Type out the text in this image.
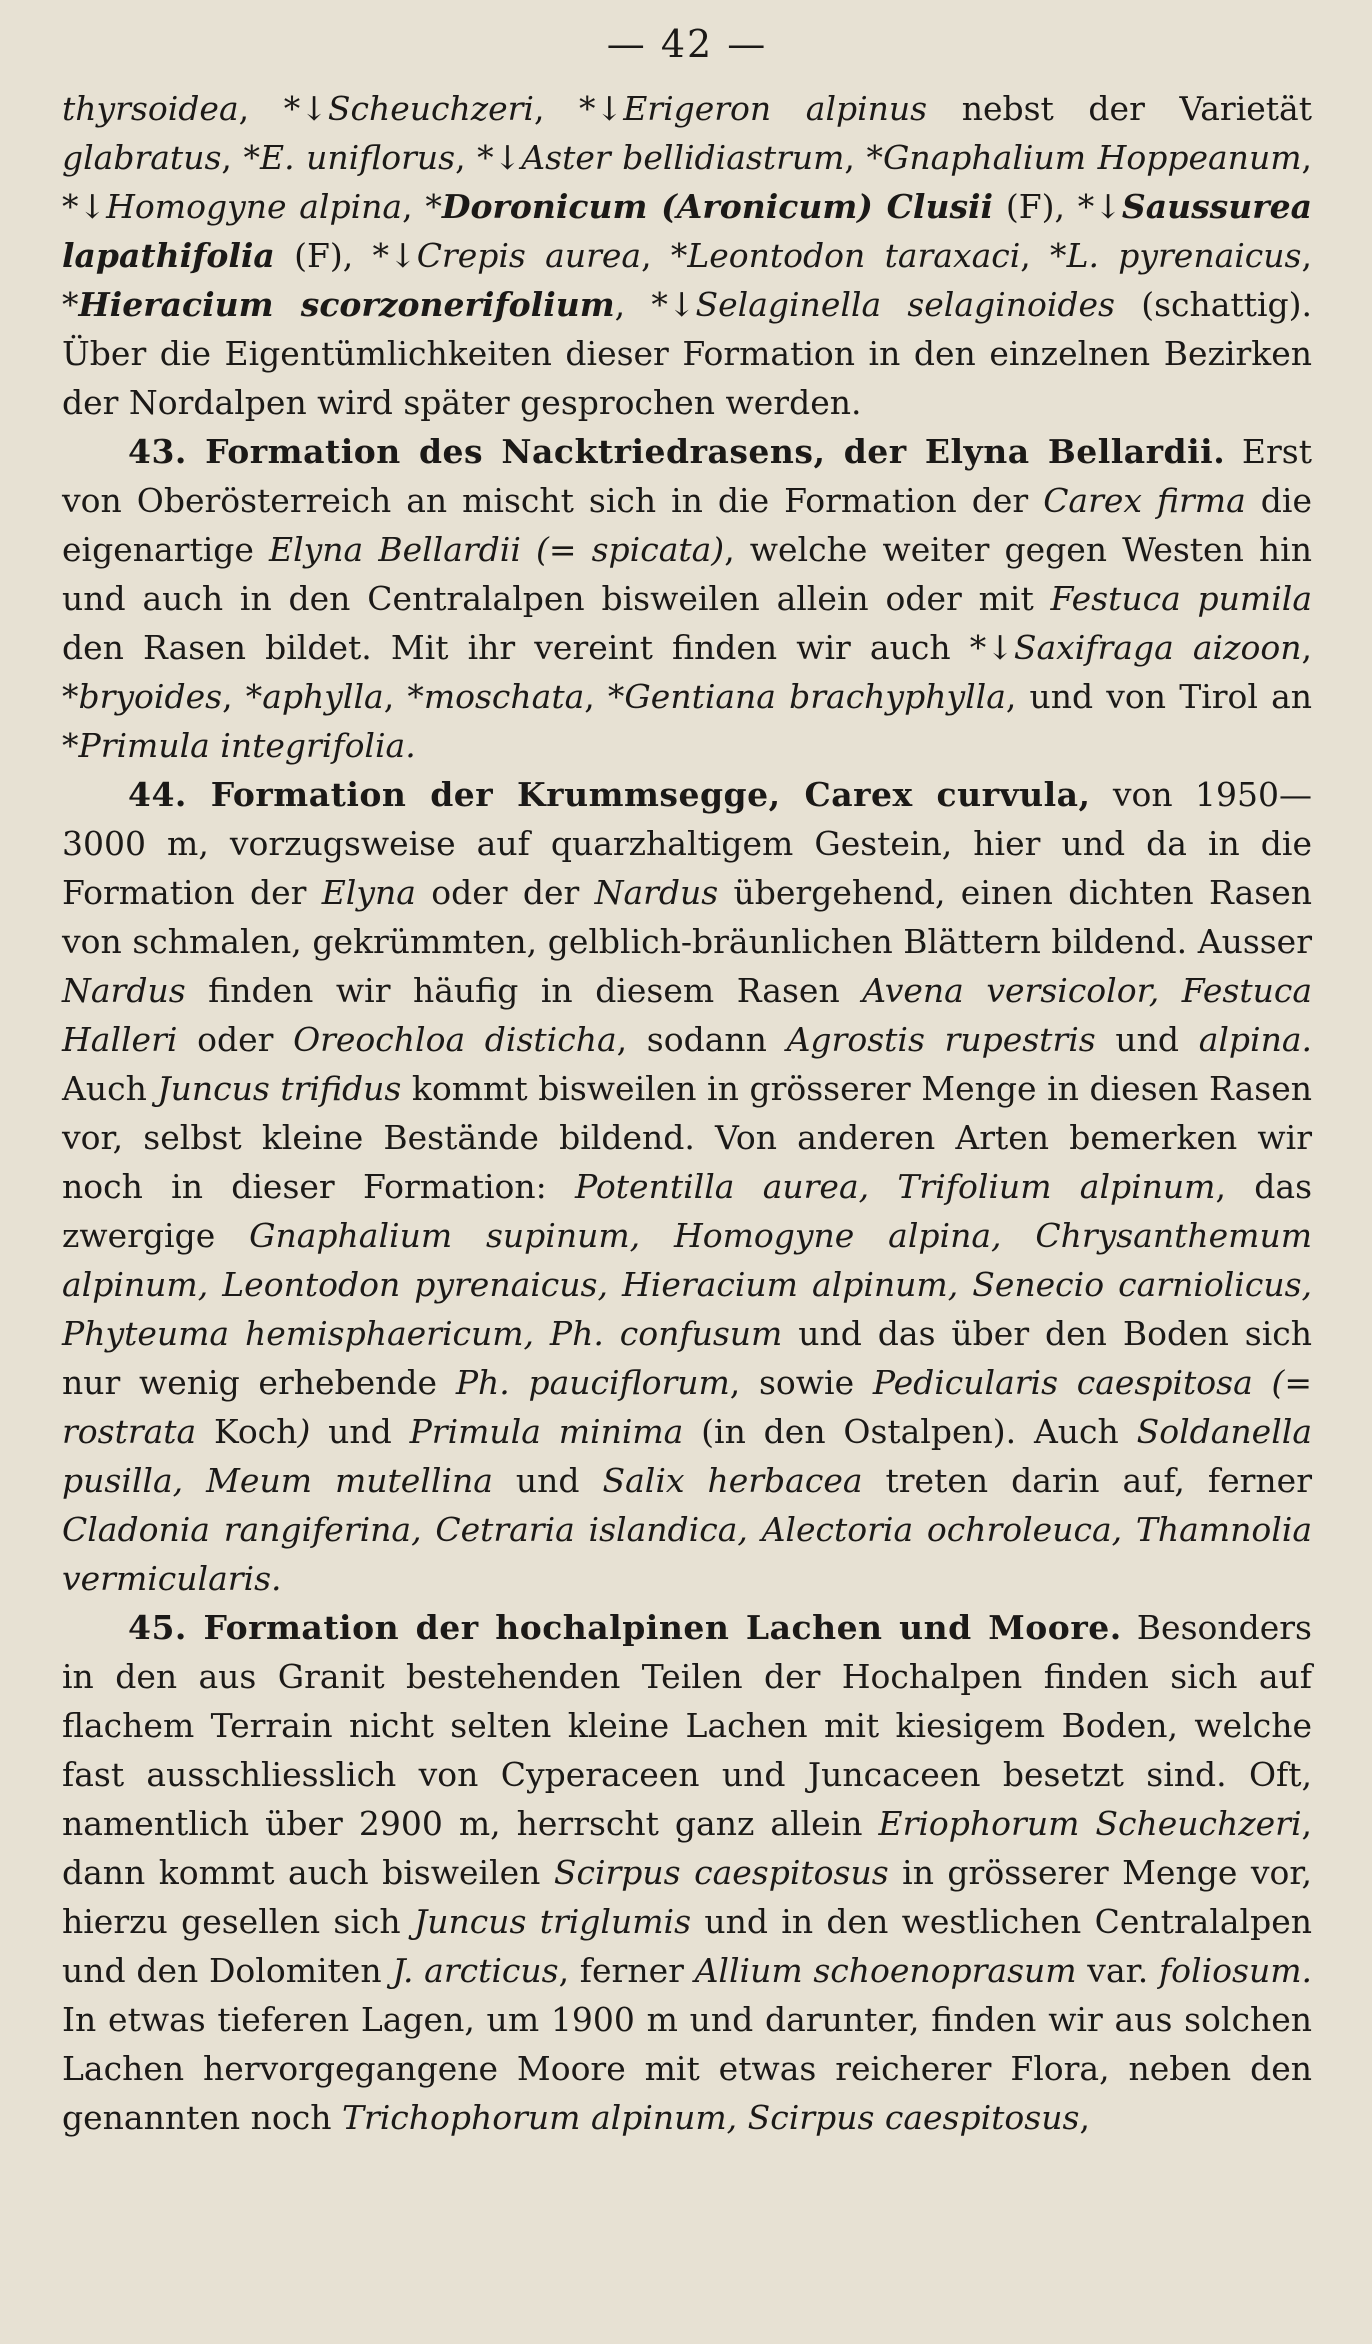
— 42 —

thyrsoidea, *↓Scheuchzeri, *↓Erigeron alpinus nebst der Varietät glabratus, *E. uniflorus, *↓Aster bellidiastrum, *Gnaphalium Hoppeanum, *↓Homogyne alpina, *Doronicum (Aronicum) Clusii (F), *↓Saussurea lapathifolia (F), *↓Crepis aurea, *Leontodon taraxaci, *L. pyrenaicus, *Hieracium scorzonerifolium, *↓Selaginella selaginoides (schattig). Über die Eigentümlichkeiten dieser Formation in den einzelnen Bezirken der Nordalpen wird später gesprochen werden.

43. Formation des Nacktriedrasens, der Elyna Bellardii. Erst von Oberösterreich an mischt sich in die Formation der Carex firma die eigenartige Elyna Bellardii (= spicata), welche weiter gegen Westen hin und auch in den Centralalpen bisweilen allein oder mit Festuca pumila den Rasen bildet. Mit ihr vereint finden wir auch *↓Saxifraga aizoon, *bryoides, *aphylla, *moschata, *Gentiana brachyphylla, und von Tirol an *Primula integrifolia.

44. Formation der Krummsegge, Carex curvula, von 1950—3000 m, vorzugsweise auf quarzhaltigem Gestein, hier und da in die Formation der Elyna oder der Nardus übergehend, einen dichten Rasen von schmalen, gekrümmten, gelblich-bräunlichen Blättern bildend. Ausser Nardus finden wir häufig in diesem Rasen Avena versicolor, Festuca Halleri oder Oreochloa disticha, sodann Agrostis rupestris und alpina. Auch Juncus trifidus kommt bisweilen in grösserer Menge in diesen Rasen vor, selbst kleine Bestände bildend. Von anderen Arten bemerken wir noch in dieser Formation: Potentilla aurea, Trifolium alpinum, das zwergige Gnaphalium supinum, Homogyne alpina, Chrysanthemum alpinum, Leontodon pyrenaicus, Hieracium alpinum, Senecio carniolicus, Phyteuma hemisphaericum, Ph. confusum und das über den Boden sich nur wenig erhebende Ph. pauciflorum, sowie Pedicularis caespitosa (= rostrata Koch) und Primula minima (in den Ostalpen). Auch Soldanella pusilla, Meum mutellina und Salix herbacea treten darin auf, ferner Cladonia rangiferina, Cetraria islandica, Alectoria ochroleuca, Thamnolia vermicularis.

45. Formation der hochalpinen Lachen und Moore. Besonders in den aus Granit bestehenden Teilen der Hochalpen finden sich auf flachem Terrain nicht selten kleine Lachen mit kiesigem Boden, welche fast ausschliesslich von Cyperaceen und Juncaceen besetzt sind. Oft, namentlich über 2900 m, herrscht ganz allein Eriophorum Scheuchzeri, dann kommt auch bisweilen Scirpus caespitosus in grösserer Menge vor, hierzu gesellen sich Juncus triglumis und in den westlichen Centralalpen und den Dolomiten J. arcticus, ferner Allium schoenoprasum var. foliosum. In etwas tieferen Lagen, um 1900 m und darunter, finden wir aus solchen Lachen hervorgegangene Moore mit etwas reicherer Flora, neben den genannten noch Trichophorum alpinum, Scirpus caespitosus,
